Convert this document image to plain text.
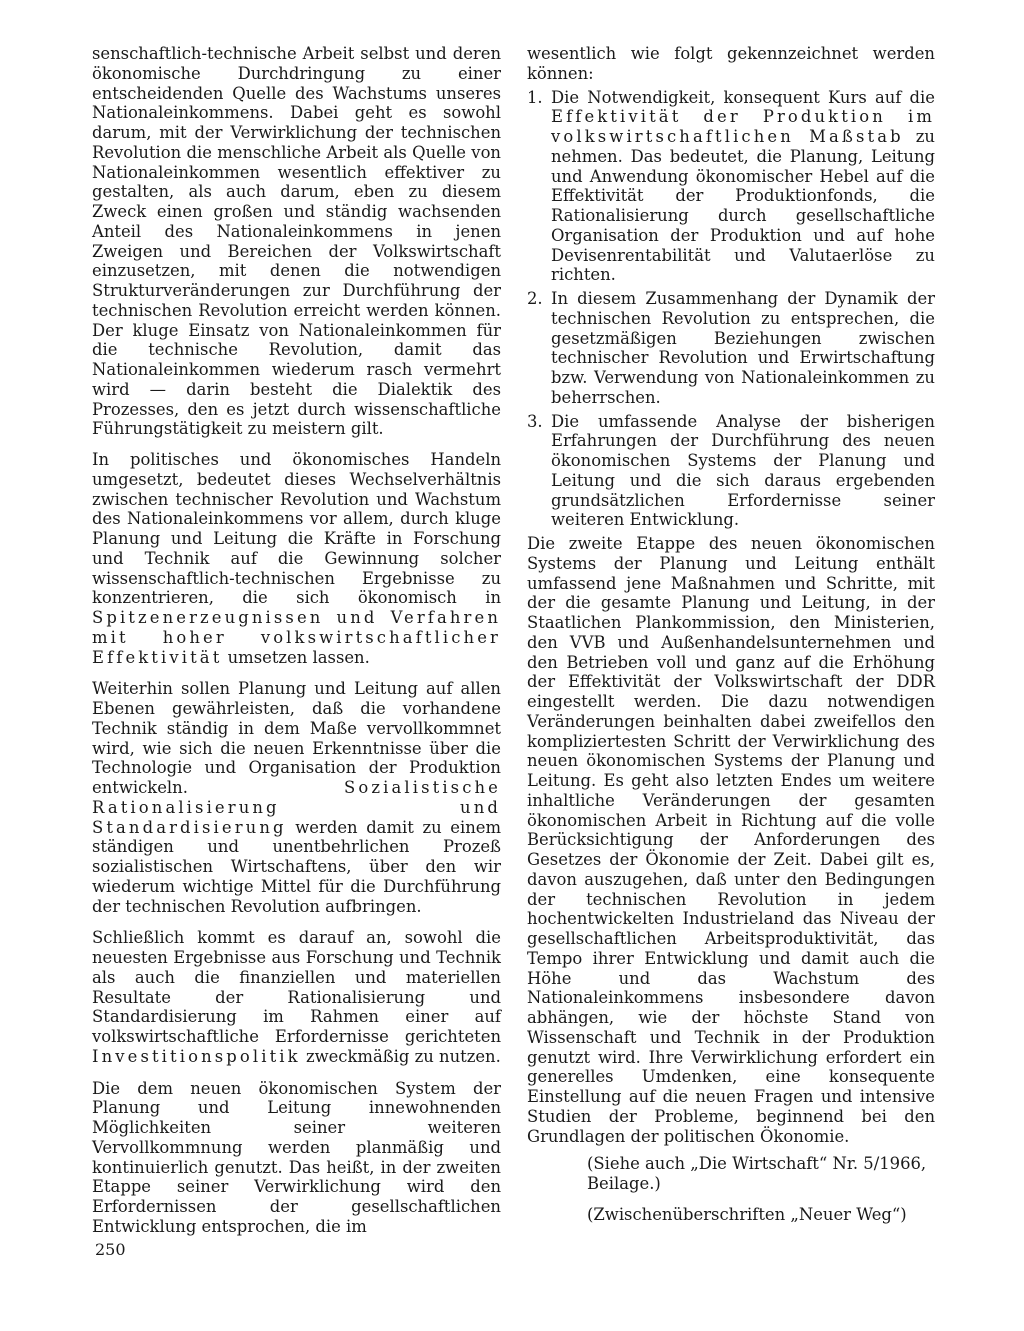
senschaftlich-technische Arbeit selbst und deren ökonomische Durchdringung zu einer entscheidenden Quelle des Wachstums unseres Nationaleinkommens. Dabei geht es sowohl darum, mit der Verwirklichung der technischen Revolution die menschliche Arbeit als Quelle von Nationaleinkommen wesentlich effektiver zu gestalten, als auch darum, eben zu diesem Zweck einen großen und ständig wachsenden Anteil des Nationaleinkommens in jenen Zweigen und Bereichen der Volkswirtschaft einzusetzen, mit denen die notwendigen Strukturveränderungen zur Durchführung der technischen Revolution erreicht werden können. Der kluge Einsatz von Nationaleinkommen für die technische Revolution, damit das Nationaleinkommen wiederum rasch vermehrt wird — darin besteht die Dialektik des Prozesses, den es jetzt durch wissenschaftliche Führungstätigkeit zu meistern gilt.

In politisches und ökonomisches Handeln umgesetzt, bedeutet dieses Wechselverhältnis zwischen technischer Revolution und Wachstum des Nationaleinkommens vor allem, durch kluge Planung und Leitung die Kräfte in Forschung und Technik auf die Gewinnung solcher wissenschaftlich-technischen Ergebnisse zu konzentrieren, die sich ökonomisch in Spitzenerzeugnissen und Verfahren mit hoher volkswirtschaftlicher Effektivität umsetzen lassen.

Weiterhin sollen Planung und Leitung auf allen Ebenen gewährleisten, daß die vorhandene Technik ständig in dem Maße vervollkommnet wird, wie sich die neuen Erkenntnisse über die Technologie und Organisation der Produktion entwickeln.	Sozialistische Rationalisierung und Standardisierung werden damit zu einem ständigen und unentbehrlichen Prozeß sozialistischen Wirtschaftens, über den wir wiederum wichtige Mittel für die Durchführung der technischen Revolution aufbringen.

Schließlich kommt es darauf an, sowohl die neuesten Ergebnisse aus Forschung und Technik als auch die finanziellen und materiellen Resultate der Rationalisierung und Standardisierung im Rahmen einer auf volkswirtschaftliche Erfordernisse gerichteten Investitionspolitik zweckmäßig zu nutzen.

Die dem neuen ökonomischen System der Planung und Leitung innewohnenden Möglichkeiten seiner weiteren Vervollkommnung werden planmäßig und kontinuierlich genutzt. Das heißt, in der zweiten Etappe seiner Verwirklichung wird den Erfordernissen der gesellschaftlichen Entwicklung entsprochen, die im

wesentlich wie folgt gekennzeichnet werden können:

1. Die Notwendigkeit, konsequent Kurs auf die Effektivität der Produktion im volkswirtschaftlichen Maßstab zu nehmen. Das bedeutet, die Planung, Leitung und Anwendung ökonomischer Hebel auf die Effektivität der Produktionfonds, die Rationalisierung durch gesellschaftliche Organisation der Produktion und auf hohe Devisenrentabilität und Valutaerlöse zu richten.
2. In diesem Zusammenhang der Dynamik der technischen Revolution zu entsprechen, die gesetzmäßigen Beziehungen zwischen technischer Revolution und Erwirtschaftung bzw. Verwendung von Nationaleinkommen zu beherrschen.
3. Die umfassende Analyse der bisherigen Erfahrungen der Durchführung des neuen ökonomischen Systems der Planung und Leitung und die sich daraus ergebenden grundsätzlichen Erfordernisse seiner weiteren Entwicklung.

Die zweite Etappe des neuen ökonomischen Systems der Planung und Leitung enthält umfassend jene Maßnahmen und Schritte, mit der die gesamte Planung und Leitung, in der Staatlichen Plankommission, den Ministerien, den VVB und Außenhandelsunternehmen und den Betrieben voll und ganz auf die Erhöhung der Effektivität der Volkswirtschaft der DDR eingestellt werden. Die dazu notwendigen Veränderungen beinhalten dabei zweifellos den kompliziertesten Schritt der Verwirklichung des neuen ökonomischen Systems der Planung und Leitung. Es geht also letzten Endes um weitere inhaltliche Veränderungen der gesamten ökonomischen Arbeit in Richtung auf die volle Berücksichtigung der Anforderungen des Gesetzes der Ökonomie der Zeit. Dabei gilt es, davon auszugehen, daß unter den Bedingungen der technischen Revolution in jedem hochentwickelten Industrieland das Niveau der gesellschaftlichen Arbeitsproduktivität, das Tempo ihrer Entwicklung und damit auch die Höhe und das Wachstum des Nationaleinkommens insbesondere davon abhängen, wie der höchste Stand von Wissenschaft und Technik in der Produktion genutzt wird. Ihre Verwirklichung erfordert ein generelles Umdenken, eine konsequente Einstellung auf die neuen Fragen und intensive Studien der Probleme, beginnend bei den Grundlagen der politischen Ökonomie.

(Siehe auch „Die Wirtschaft“ Nr. 5/1966, Beilage.)

(Zwischenüberschriften „Neuer Weg“)

250
